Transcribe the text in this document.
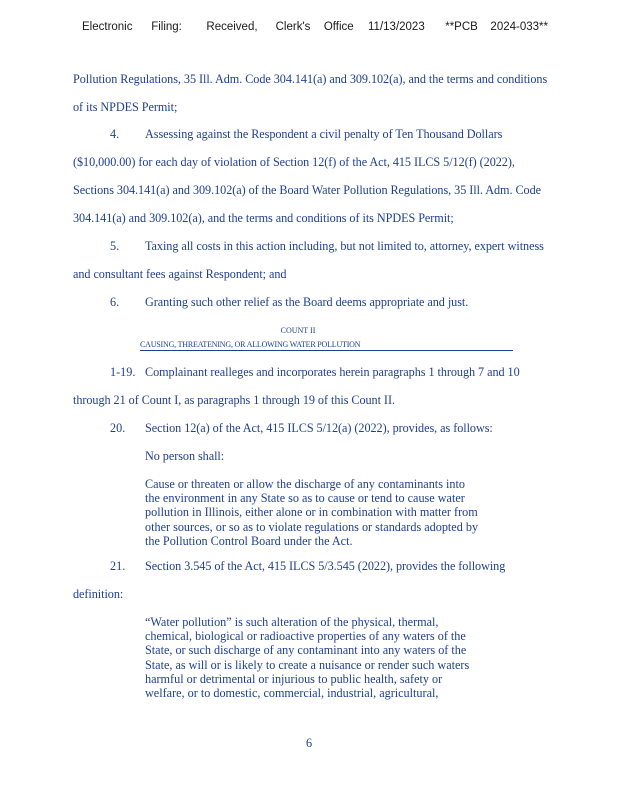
Electronic Filing: Received, Clerk's Office 11/13/2023 **PCB 2024-033**
Pollution Regulations, 35 Ill. Adm. Code 304.141(a) and 309.102(a), and the terms and conditions
of its NPDES Permit;
4. Assessing against the Respondent a civil penalty of Ten Thousand Dollars
($10,000.00) for each day of violation of Section 12(f) of the Act, 415 ILCS 5/12(f) (2022),
Sections 304.141(a) and 309.102(a) of the Board Water Pollution Regulations, 35 Ill. Adm. Code
304.141(a) and 309.102(a), and the terms and conditions of its NPDES Permit;
5. Taxing all costs in this action including, but not limited to, attorney, expert witness
and consultant fees against Respondent; and
6. Granting such other relief as the Board deems appropriate and just.
COUNT II
CAUSING, THREATENING, OR ALLOWING WATER POLLUTION
1-19. Complainant realleges and incorporates herein paragraphs 1 through 7 and 10
through 21 of Count I, as paragraphs 1 through 19 of this Count II.
20. Section 12(a) of the Act, 415 ILCS 5/12(a) (2022), provides, as follows:
No person shall:
Cause or threaten or allow the discharge of any contaminants into
the environment in any State so as to cause or tend to cause water
pollution in Illinois, either alone or in combination with matter from
other sources, or so as to violate regulations or standards adopted by
the Pollution Control Board under the Act.
21. Section 3.545 of the Act, 415 ILCS 5/3.545 (2022), provides the following
definition:
“Water pollution” is such alteration of the physical, thermal,
chemical, biological or radioactive properties of any waters of the
State, or such discharge of any contaminant into any waters of the
State, as will or is likely to create a nuisance or render such waters
harmful or detrimental or injurious to public health, safety or
welfare, or to domestic, commercial, industrial, agricultural,
6
